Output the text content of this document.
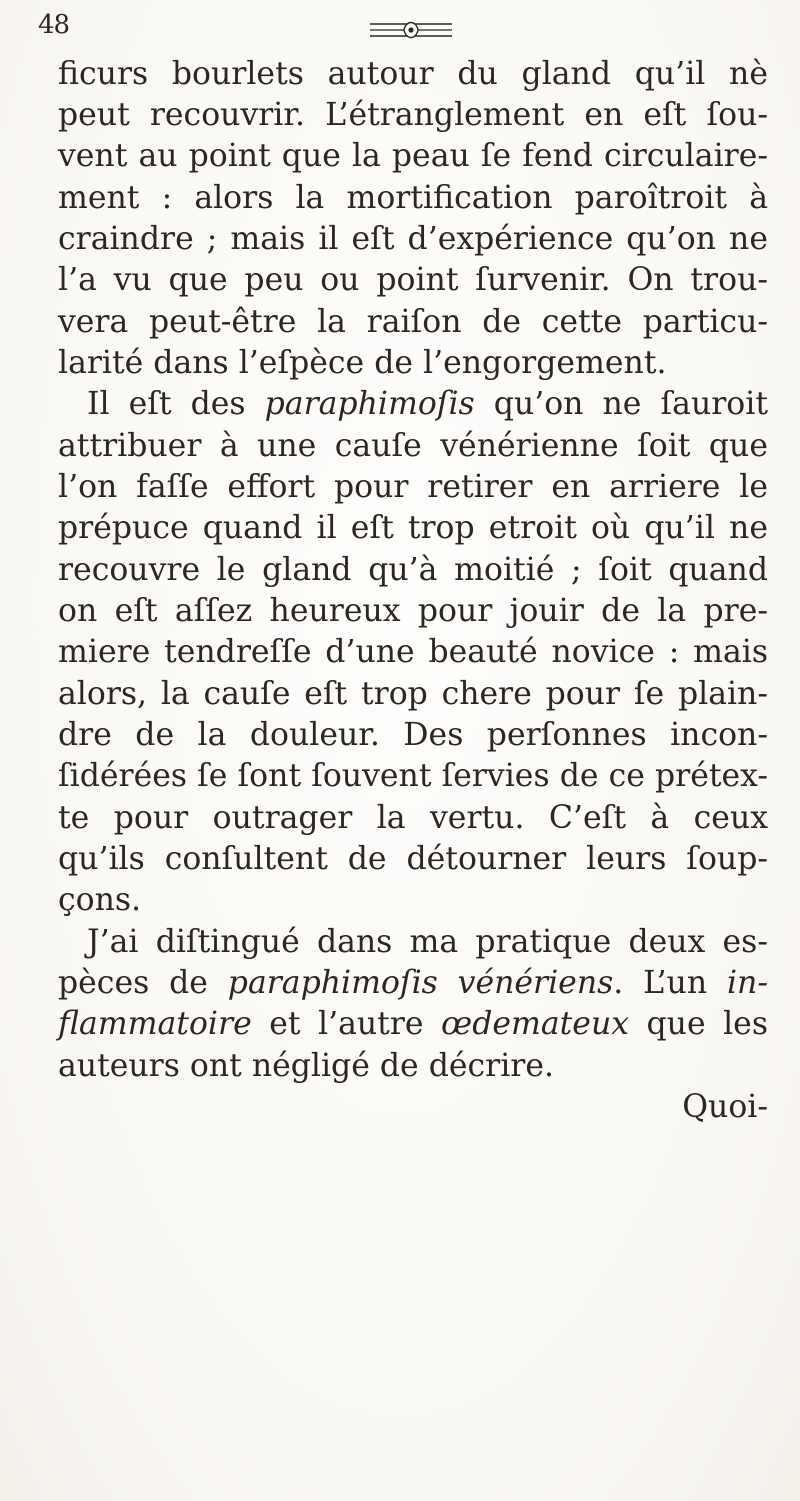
48
ficurs bourlets autour du gland qu’il nè
peut recouvrir. L’étranglement en eſt ſou-
vent au point que la peau ſe fend circulaire-
ment : alors la mortification paroîtroit à
craindre ; mais il eſt d’expérience qu’on ne
l’a vu que peu ou point ſurvenir. On trou-
vera peut-être la raiſon de cette particu-
larité dans l’eſpèce de l’engorgement.
Il eſt des paraphimoſis qu’on ne ſauroit
attribuer à une cauſe vénérienne ſoit que
l’on faſſe effort pour retirer en arriere le
prépuce quand il eſt trop etroit où qu’il ne
recouvre le gland qu’à moitié ; ſoit quand
on eſt aſſez heureux pour jouir de la pre-
miere tendreſſe d’une beauté novice : mais
alors, la cauſe eſt trop chere pour ſe plain-
dre de la douleur. Des perſonnes incon-
ſidérées ſe ſont ſouvent ſervies de ce prétex-
te pour outrager la vertu. C’eſt à ceux
qu’ils conſultent de détourner leurs ſoup-
çons.
J’ai diſtingué dans ma pratique deux es-
pèces de paraphimoſis vénériens. L’un in-
flammatoire et l’autre œdemateux que les
auteurs ont négligé de décrire.
Quoi-
